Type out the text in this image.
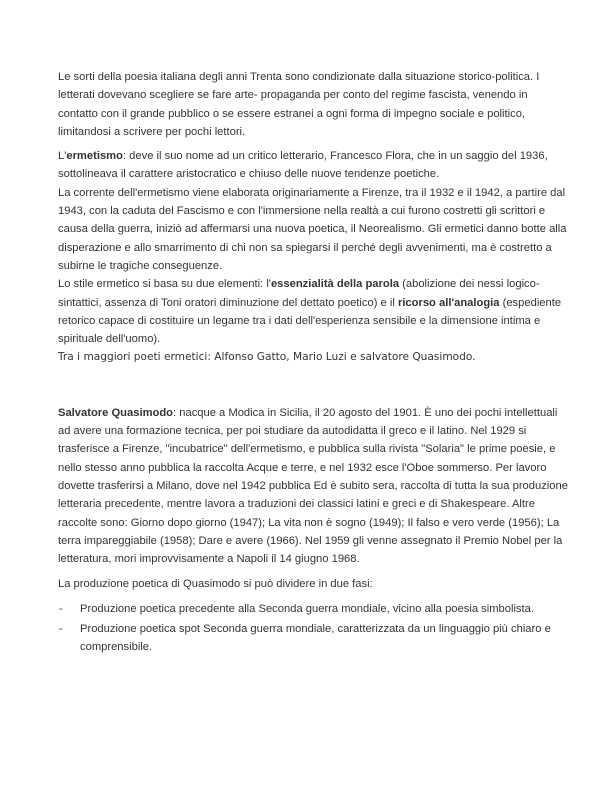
Le sorti della poesia italiana degli anni Trenta sono condizionate dalla situazione storico-politica. I letterati dovevano scegliere se fare arte- propaganda per conto del regime fascista, venendo in contatto con il grande pubblico o se essere estranei a ogni forma di impegno sociale e politico, limitandosi a scrivere per pochi lettori.

L'ermetismo: deve il suo nome ad un critico letterario, Francesco Flora, che in un saggio del 1936, sottolineava il carattere aristocratico e chiuso delle nuove tendenze poetiche.

La corrente dell'ermetismo viene elaborata originariamente a Firenze, tra il 1932 e il 1942, a partire dal 1943, con la caduta del Fascismo e con l'immersione nella realtà a cui furono costretti gli scrittori e causa della guerra, iniziò ad affermarsi una nuova poetica, il Neorealismo. Gli ermetici danno botte alla disperazione e allo smarrimento di chi non sa spiegarsi il perché degli avvenimenti, ma è costretto a subirne le tragiche conseguenze.

Lo stile ermetico si basa su due elementi: l'essenzialità della parola (abolizione dei nessi logico-sintattici, assenza di Toni oratori diminuzione del dettato poetico) e il ricorso all'analogia (espediente retorico capace di costituire un legame tra i dati dell'esperienza sensibile e la dimensione intima e spirituale dell'uomo).

Tra i maggiori poeti ermetici: Alfonso Gatto, Mario Luzi e salvatore Quasimodo.

Salvatore Quasimodo: nacque a Modica in Sicilia, il 20 agosto del 1901. È uno dei pochi intellettuali ad avere una formazione tecnica, per poi studiare da autodidatta il greco e il latino. Nel 1929 si trasferisce a Firenze, "incubatrice" dell'ermetismo, e pubblica sulla rivista "Solaria" le prime poesie, e nello stesso anno pubblica la raccolta Acque e terre, e nel 1932 esce l'Oboe sommerso. Per lavoro dovette trasferirsi a Milano, dove nel 1942 pubblica Ed è subito sera, raccolta di tutta la sua produzione letteraria precedente, mentre lavora a traduzioni dei classici latini e greci e di Shakespeare. Altre raccolte sono: Giorno dopo giorno (1947); La vita non è sogno (1949); Il falso e vero verde (1956); La terra impareggiabile (1958); Dare e avere (1966). Nel 1959 gli venne assegnato il Premio Nobel per la letteratura, mori improvvisamente a Napoli il 14 giugno 1968.

La produzione poetica di Quasimodo si può dividere in due fasi:

- Produzione poetica precedente alla Seconda guerra mondiale, vicino alla poesia simbolista.
- Produzione poetica spot Seconda guerra mondiale, caratterizzata da un linguaggio più chiaro e comprensibile.
